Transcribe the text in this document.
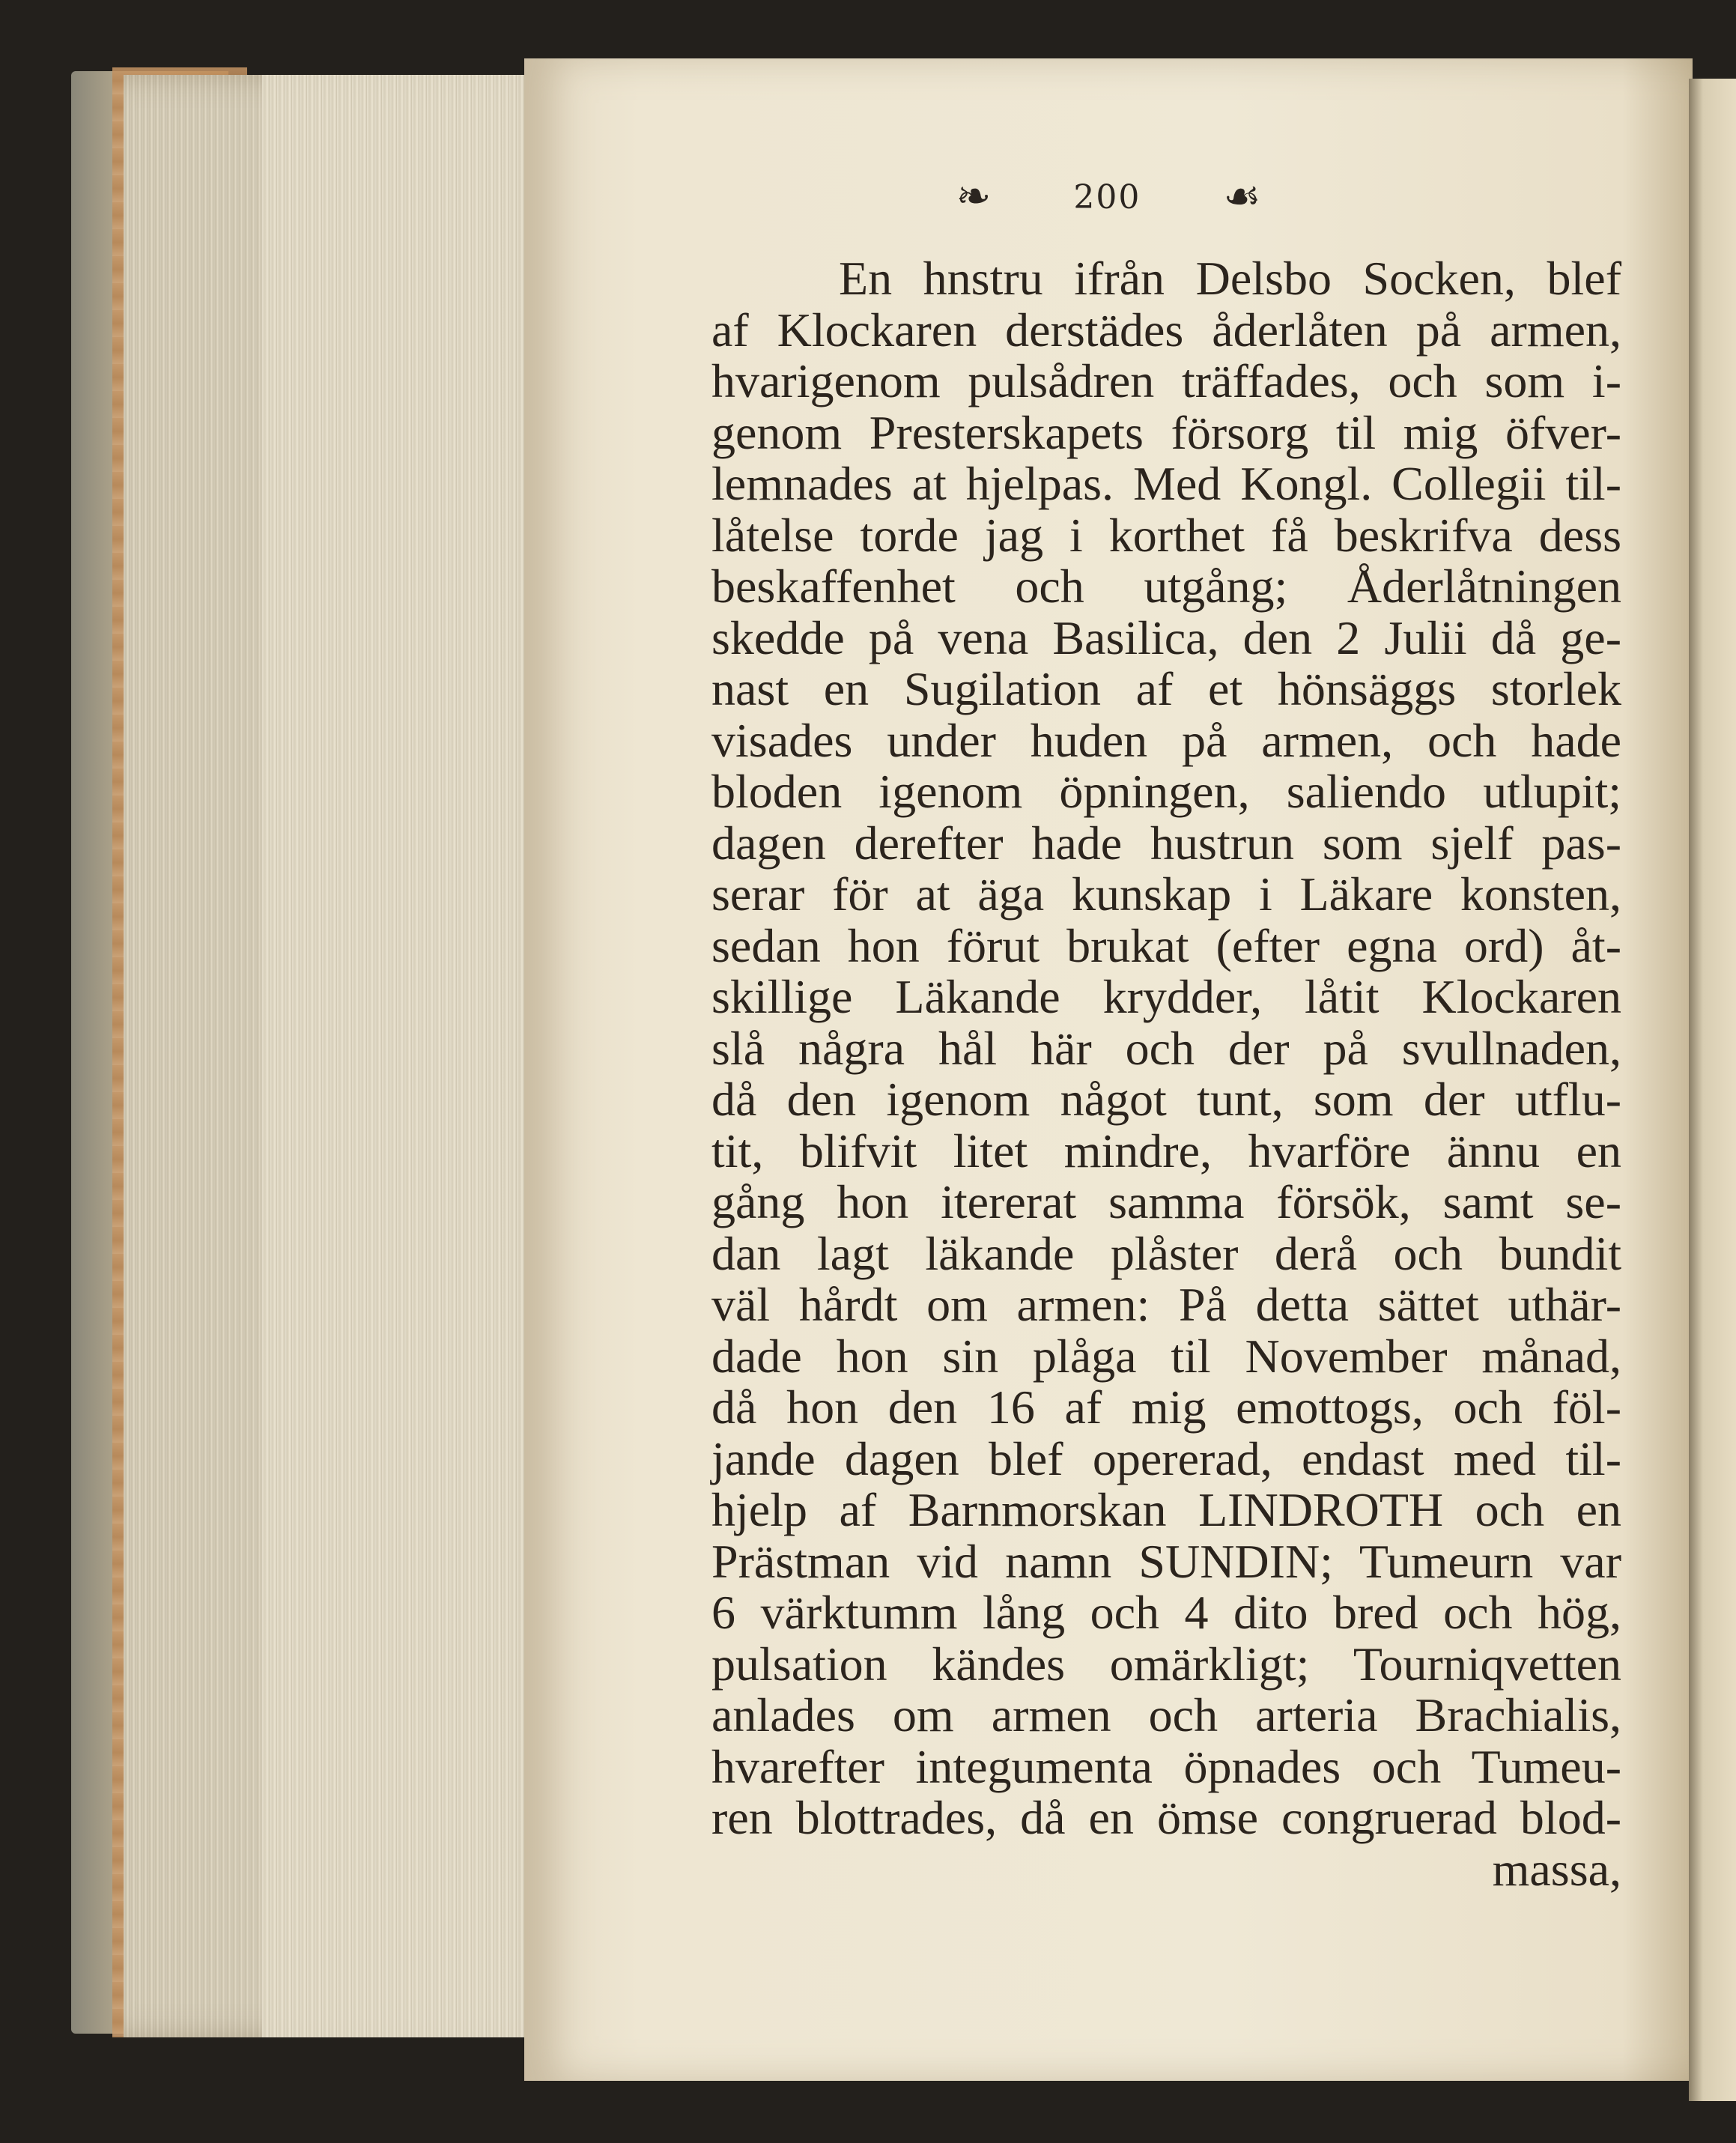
❧	200 ☙
En hnstru ifrån Delsbo Socken, blef
af Klockaren derstädes åderlåten på armen,
hvarigenom pulsådren träffades, och som i-
genom Presterskapets försorg til mig öfver-
lemnades at hjelpas. Med Kongl. Collegii til-
låtelse torde jag i korthet få beskrifva dess
beskaffenhet och utgång; Åderlåtningen
skedde på vena Basilica, den 2 Julii då ge-
nast en Sugilation af et hönsäggs storlek
visades under huden på armen, och hade
bloden igenom öpningen, saliendo utlupit;
dagen derefter hade hustrun som sjelf pas-
serar för at äga kunskap i Läkare konsten,
sedan hon förut brukat (efter egna ord) åt-
skillige Läkande krydder, låtit Klockaren
slå några hål här och der på svullnaden,
då den igenom något tunt, som der utflu-
tit, blifvit litet mindre, hvarföre ännu en
gång hon itererat samma försök, samt se-
dan lagt läkande plåster derå och bundit
väl hårdt om armen: På detta sättet uthär-
dade hon sin plåga til November månad,
då hon den 16 af mig emottogs, och föl-
jande dagen blef opererad, endast med til-
hjelp af Barnmorskan LINDROTH och en
Prästman vid namn SUNDIN; Tumeurn var
6 värktumm lång och 4 dito bred och hög,
pulsation kändes omärkligt; Tourniqvetten
anlades om armen och arteria Brachialis,
hvarefter integumenta öpnades och Tumeu-
ren blottrades, då en ömse congruerad blod-
massa,
